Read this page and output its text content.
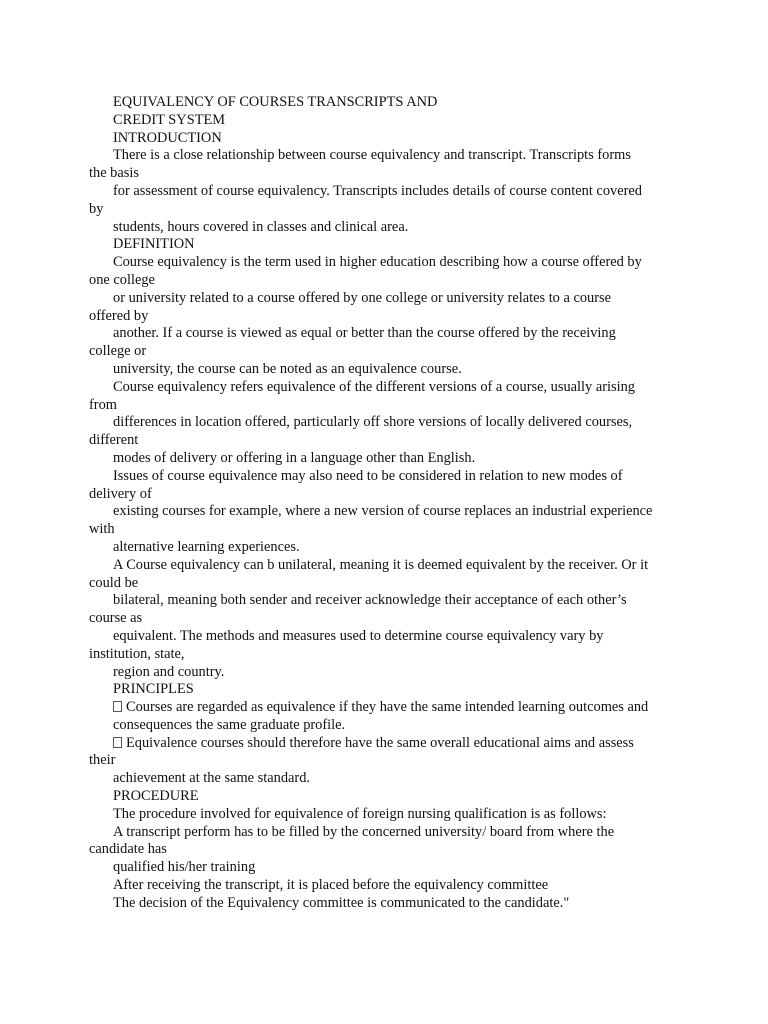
EQUIVALENCY OF COURSES TRANSCRIPTS AND
CREDIT SYSTEM
INTRODUCTION
There is a close relationship between course equivalency and transcript. Transcripts forms
the basis
for assessment of course equivalency. Transcripts includes details of course content covered
by
students, hours covered in classes and clinical area.
DEFINITION
Course equivalency is the term used in higher education describing how a course offered by
one college
or university related to a course offered by one college or university relates to a course
offered by
another. If a course is viewed as equal or better than the course offered by the receiving
college or
university, the course can be noted as an equivalence course.
Course equivalency refers equivalence of the different versions of a course, usually arising
from
differences in location offered, particularly off shore versions of locally delivered courses,
different
modes of delivery or offering in a language other than English.
Issues of course equivalence may also need to be considered in relation to new modes of
delivery of
existing courses for example, where a new version of course replaces an industrial experience
with
alternative learning experiences.
A Course equivalency can b unilateral, meaning it is deemed equivalent by the receiver. Or it
could be
bilateral, meaning both sender and receiver acknowledge their acceptance of each other’s
course as
equivalent. The methods and measures used to determine course equivalency vary by
institution, state,
region and country.
PRINCIPLES
Courses are regarded as equivalence if they have the same intended learning outcomes and
consequences the same graduate profile.
Equivalence courses should therefore have the same overall educational aims and assess
their
achievement at the same standard.
PROCEDURE
The procedure involved for equivalence of foreign nursing qualification is as follows:
A transcript perform has to be filled by the concerned university/ board from where the
candidate has
qualified his/her training
After receiving the transcript, it is placed before the equivalency committee
The decision of the Equivalency committee is communicated to the candidate."
